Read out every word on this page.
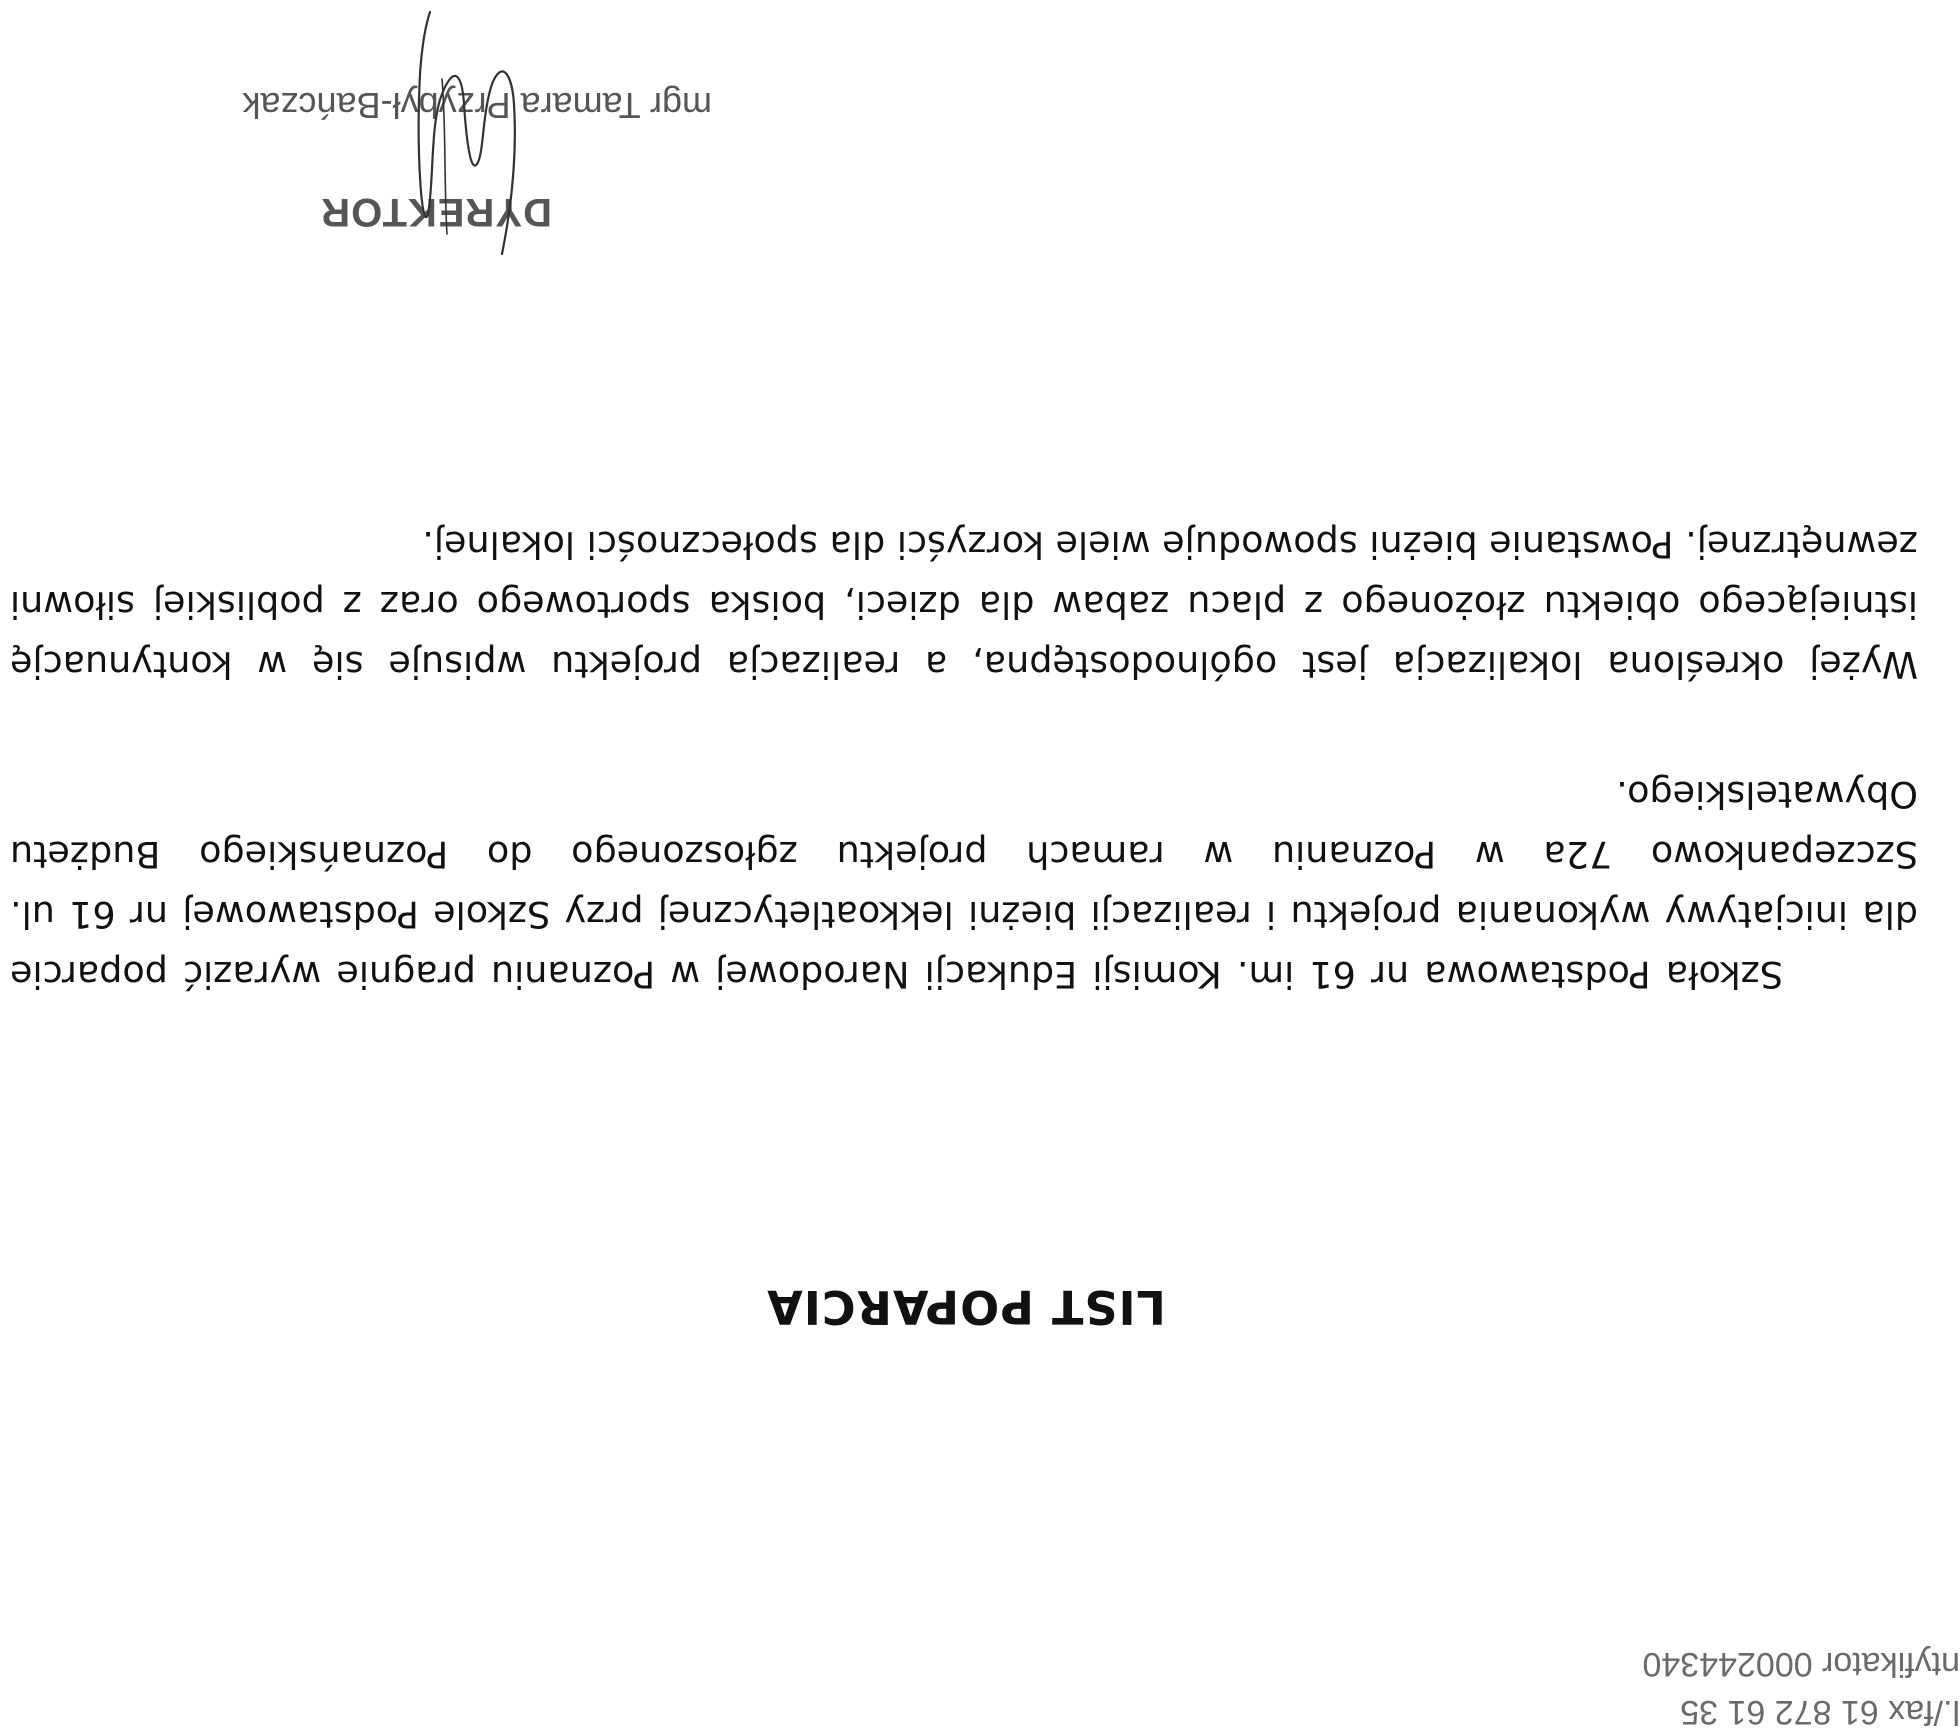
l./fax 61 872 61 35
ntyfikator 000244340
LIST POPARCIA

Szkoła Podstawowa nr 61 im. Komisji Edukacji Narodowej w Poznaniu pragnie wyrazić poparcie dla inicjatywy wykonania projektu i realizacji bieżni lekkoatletycznej przy Szkole Podstawowej nr 61 ul. Szczepankowo 72a w Poznaniu w ramach projektu zgłoszonego do Poznańskiego Budżetu Obywatelskiego.

Wyżej określona lokalizacja jest ogólnodostępna, a realizacja projektu wpisuje się w kontynuację istniejącego obiektu złożonego z placu zabaw dla dzieci, boiska sportowego oraz z pobliskiej siłowni zewnętrznej. Powstanie bieżni spowoduje wiele korzyści dla społeczności lokalnej.

DYREKTOR
mgr Tamara Przybył-Bańczak
